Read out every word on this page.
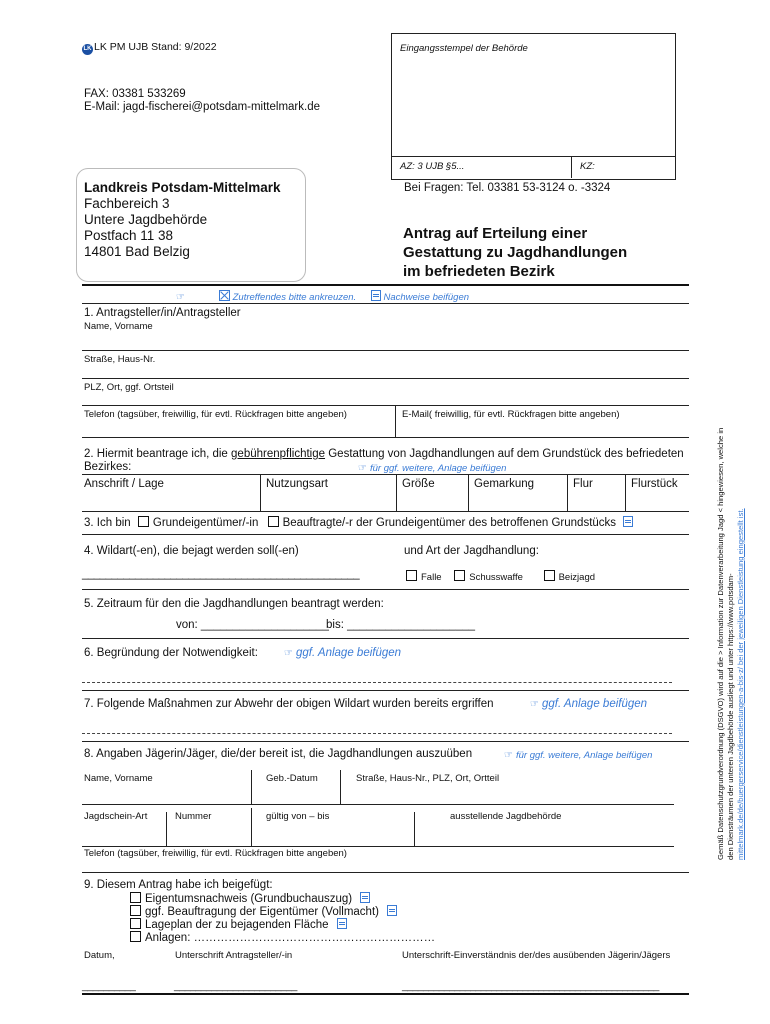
LK LK PM UJB Stand: 9/2022
FAX: 03381 533269
E-Mail: jagd-fischerei@potsdam-mittelmark.de
Eingangsstempel der Behörde
AZ: 3 UJB §5...	KZ:
Landkreis Potsdam-Mittelmark
Fachbereich 3
Untere Jagdbehörde
Postfach 11 38
14801 Bad Belzig
Bei Fragen: Tel. 03381 53-3124 o. -3324
Antrag auf Erteilung einer
Gestattung zu Jagdhandlungen
im befriedeten Bezirk
☞	Zutreffendes bitte ankreuzen.	Nachweise beifügen
1. Antragsteller/in/Antragsteller
Name, Vorname
Straße, Haus-Nr.
PLZ, Ort, ggf. Ortsteil
Telefon (tagsüber, freiwillig, für evtl. Rückfragen bitte angeben)	E-Mail( freiwillig, für evtl. Rückfragen bitte angeben)
2. Hiermit beantrage ich, die gebührenpflichtige Gestattung von Jagdhandlungen auf dem Grundstück des befriedeten
Bezirkes:	☞ für ggf. weitere, Anlage beifügen
Anschrift / Lage	Nutzungsart	Größe	Gemarkung	Flur	Flurstück
3. Ich bin Grundeigentümer/-in Beauftragte/-r der Grundeigentümer des betroffenen Grundstücks
4. Wildart(-en), die bejagt werden soll(-en)	und Art der Jagdhandlung:
_______________________________________________	Falle	Schusswaffe	Beizjagd
5. Zeitraum für den die Jagdhandlungen beantragt werden:
von: ____________________
bis: ____________________
6. Begründung der Notwendigkeit:	☞ ggf. Anlage beifügen
7. Folgende Maßnahmen zur Abwehr der obigen Wildart wurden bereits ergriffen	☞ ggf. Anlage beifügen
8. Angaben Jägerin/Jäger, die/der bereit ist, die Jagdhandlungen auszuüben	☞ für ggf. weitere, Anlage beifügen
Name, Vorname	Geb.-Datum	Straße, Haus-Nr., PLZ, Ort, Ortteil
Jagdschein-Art	Nummer	gültig von – bis	ausstellende Jagdbehörde
Telefon (tagsüber, freiwillig, für evtl. Rückfragen bitte angeben)
9. Diesem Antrag habe ich beigefügt:
Eigentumsnachweis (Grundbuchauszug)
ggf. Beauftragung der Eigentümer (Vollmacht)
Lageplan der zu bejagenden Fläche
Anlagen: ………………………………………………………
Datum,	Unterschrift Antragsteller/-in	Unterschrift-Einverständnis der/des ausübenden Jägerin/Jägers
__________	_______________________	_________________________________________________
Gemäß Datenschutzgrundverordnung (DSGVO) wird auf die > Information zur Datenverarbeitung Jagd < hingewiesen, welche in den Diensträumen der unteren Jagdbehörde ausliegt und unter https://www.potsdam- mittelmark.de/de/buergerservice/dienstleistungen-a-bis-z/ bei der jeweiligen Dienstleistung eingestellt ist.
